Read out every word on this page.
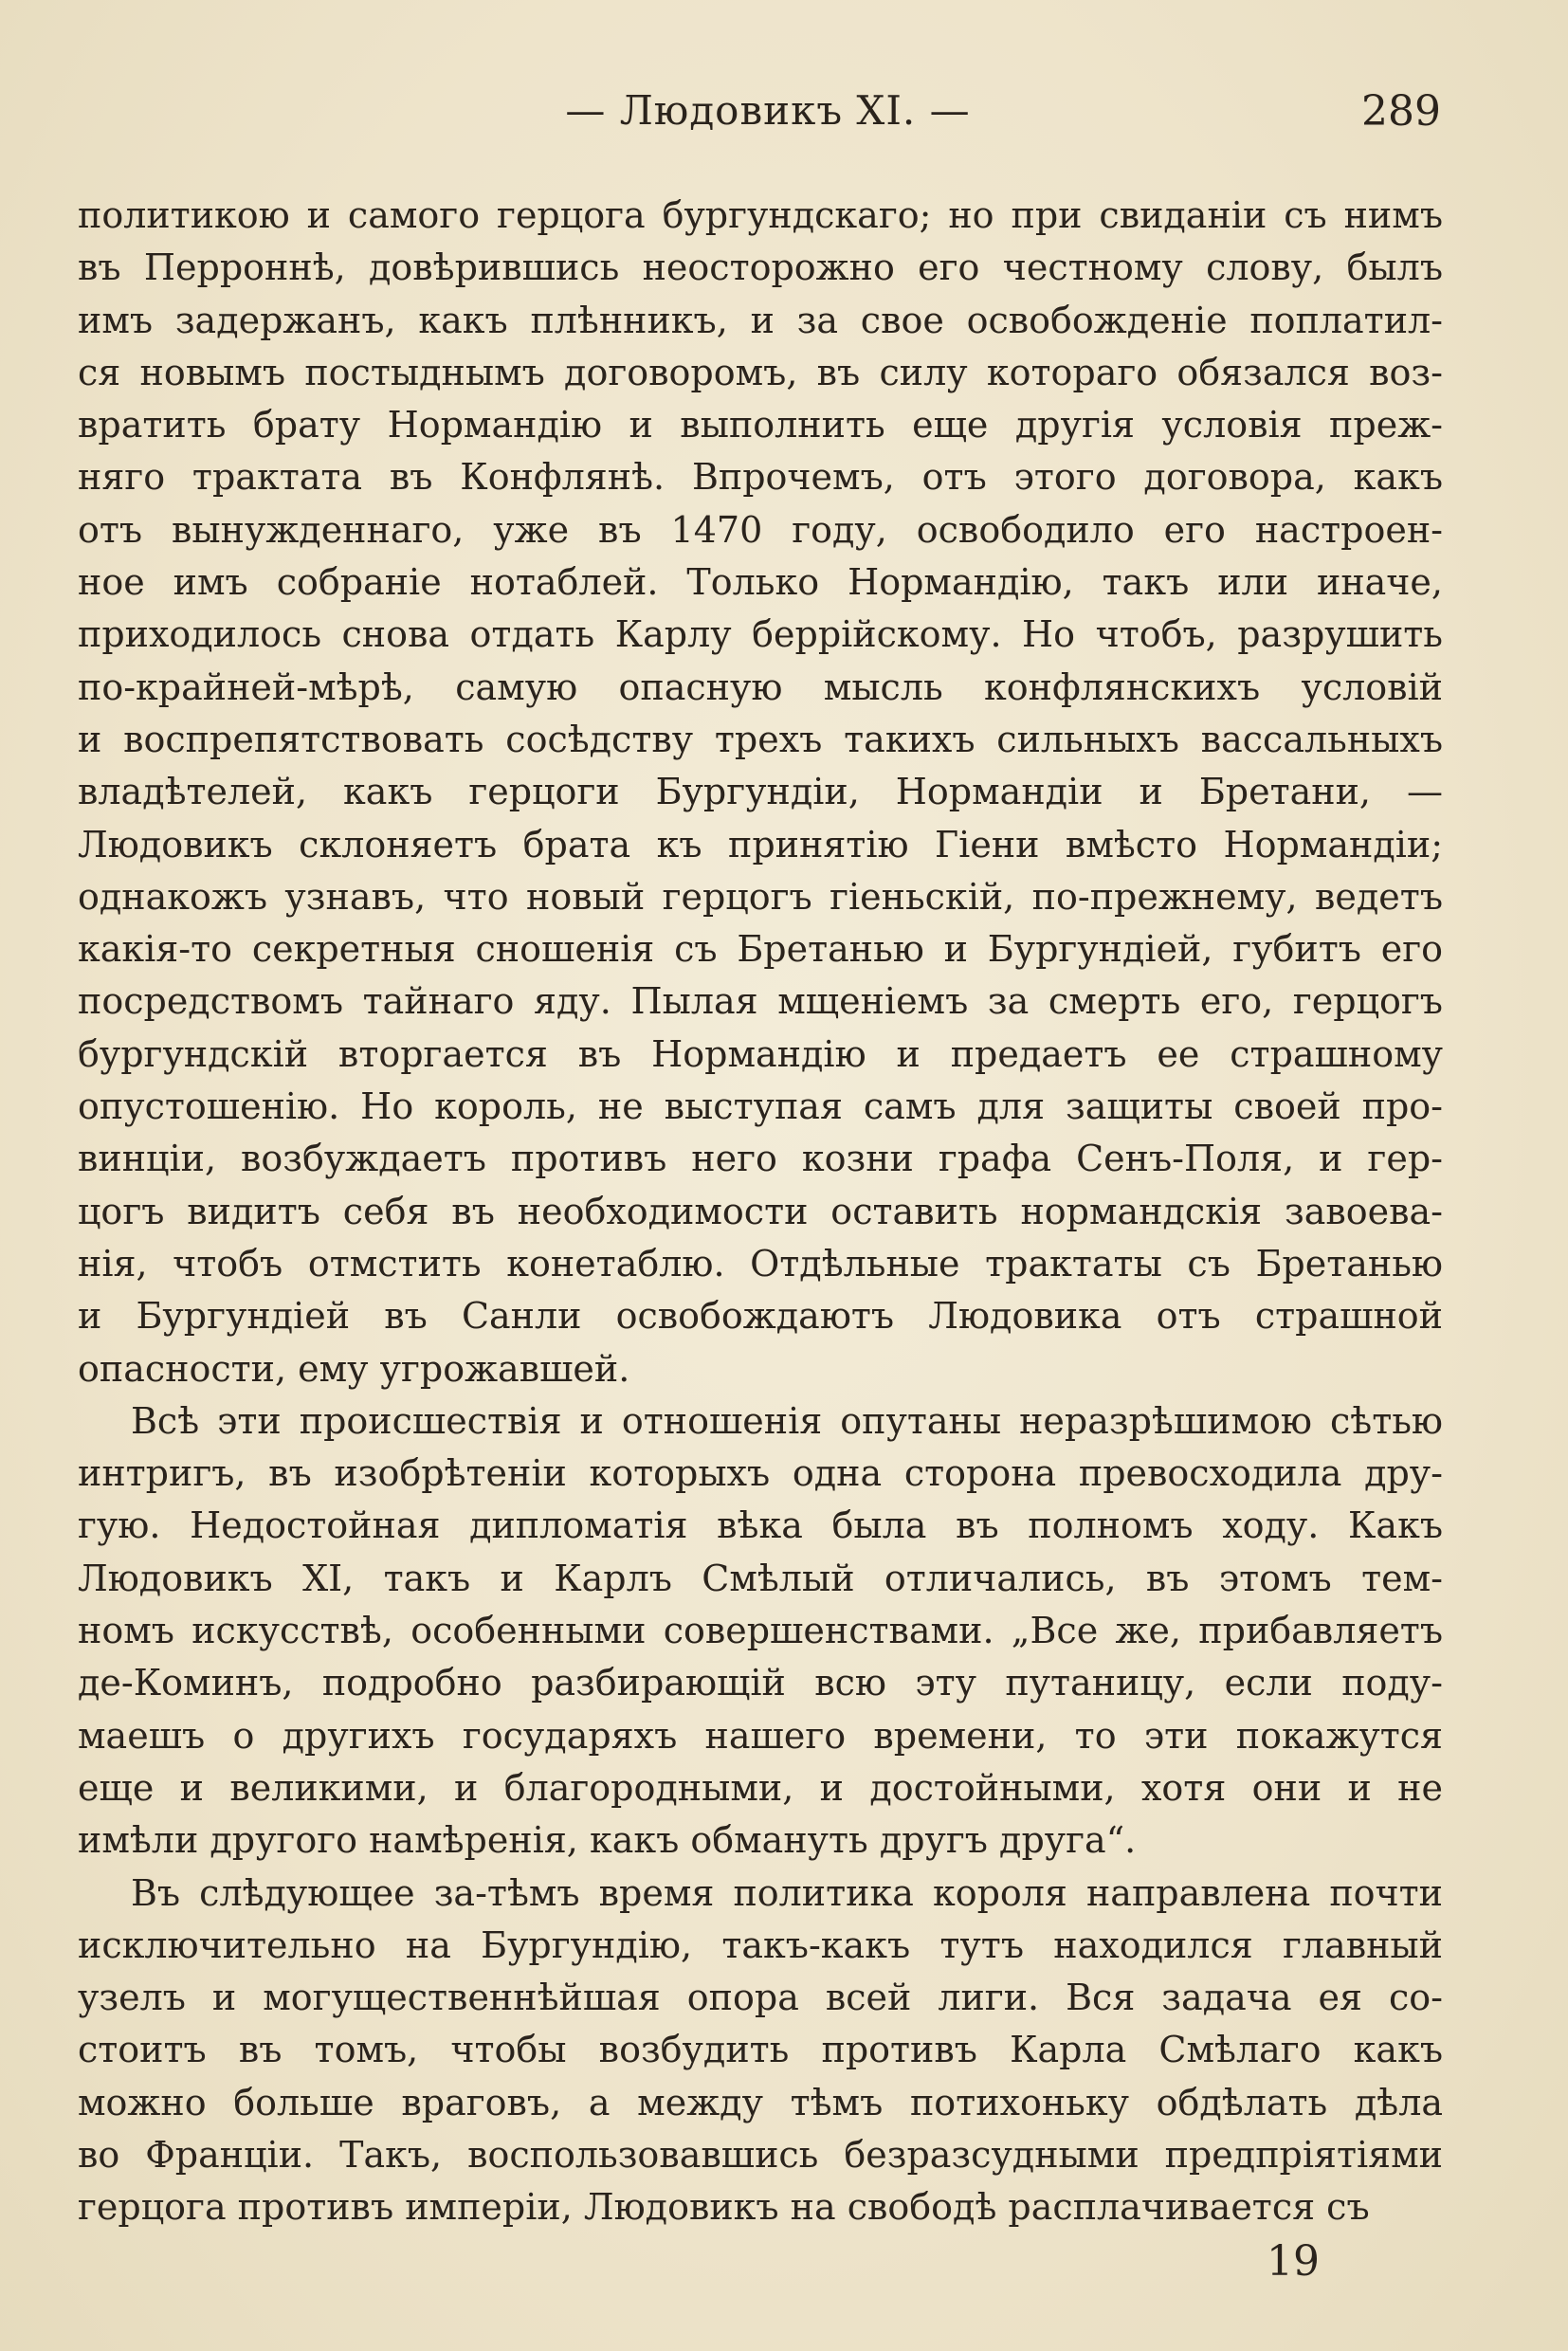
— Людовикъ XI. —	289
политикою и самого герцога бургундскаго; но при свиданіи съ нимъ
въ Перроннѣ, довѣрившись неосторожно его честному слову, былъ
имъ задержанъ, какъ плѣнникъ, и за свое освобожденіе поплатил-
ся новымъ постыднымъ договоромъ, въ силу котораго обязался воз-
вратить брату Нормандію и выполнить еще другія условія преж-
няго трактата въ Конфлянѣ. Впрочемъ, отъ этого договора, какъ
отъ вынужденнаго, уже въ 1470 году, освободило его настроен-
ное имъ собраніе нотаблей. Только Нормандію, такъ или иначе,
приходилось снова отдать Карлу беррійскому. Но чтобъ, разрушить
по-крайней-мѣрѣ, самую опасную мысль конфлянскихъ условій
и воспрепятствовать сосѣдству трехъ такихъ сильныхъ вассальныхъ
владѣтелей, какъ герцоги Бургундіи, Нормандіи и Бретани, —
Людовикъ склоняетъ брата къ принятію Гіени вмѣсто Нормандіи;
однакожъ узнавъ, что новый герцогъ гіеньскій, по-прежнему, ведетъ
какія-то секретныя сношенія съ Бретанью и Бургундіей, губитъ его
посредствомъ тайнаго яду. Пылая мщеніемъ за смерть его, герцогъ
бургундскій вторгается въ Нормандію и предаетъ ее страшному
опустошенію. Но король, не выступая самъ для защиты своей про-
винціи, возбуждаетъ противъ него козни графа Сенъ-Поля, и гер-
цогъ видитъ себя въ необходимости оставить нормандскія завоева-
нія, чтобъ отмстить конетаблю. Отдѣльные трактаты съ Бретанью
и Бургундіей въ Санли освобождаютъ Людовика отъ страшной
опасности, ему угрожавшей.
Всѣ эти происшествія и отношенія опутаны неразрѣшимою сѣтью
интригъ, въ изобрѣтеніи которыхъ одна сторона превосходила дру-
гую. Недостойная дипломатія вѣка была въ полномъ ходу. Какъ
Людовикъ XI, такъ и Карлъ Смѣлый отличались, въ этомъ тем-
номъ искусствѣ, особенными совершенствами. „Все же, прибавляетъ
де-Коминъ, подробно разбирающій всю эту путаницу, если поду-
маешъ о другихъ государяхъ нашего времени, то эти покажутся
еще и великими, и благородными, и достойными, хотя они и не
имѣли другого намѣренія, какъ обмануть другъ друга“.
Въ слѣдующее за-тѣмъ время политика короля направлена почти
исключительно на Бургундію, такъ-какъ тутъ находился главный
узелъ и могущественнѣйшая опора всей лиги. Вся задача ея со-
стоитъ въ томъ, чтобы возбудить противъ Карла Смѣлаго какъ
можно больше враговъ, а между тѣмъ потихоньку обдѣлать дѣла
во Франціи. Такъ, воспользовавшись безразсудными предпріятіями
герцога противъ имперіи, Людовикъ на свободѣ расплачивается съ
19
